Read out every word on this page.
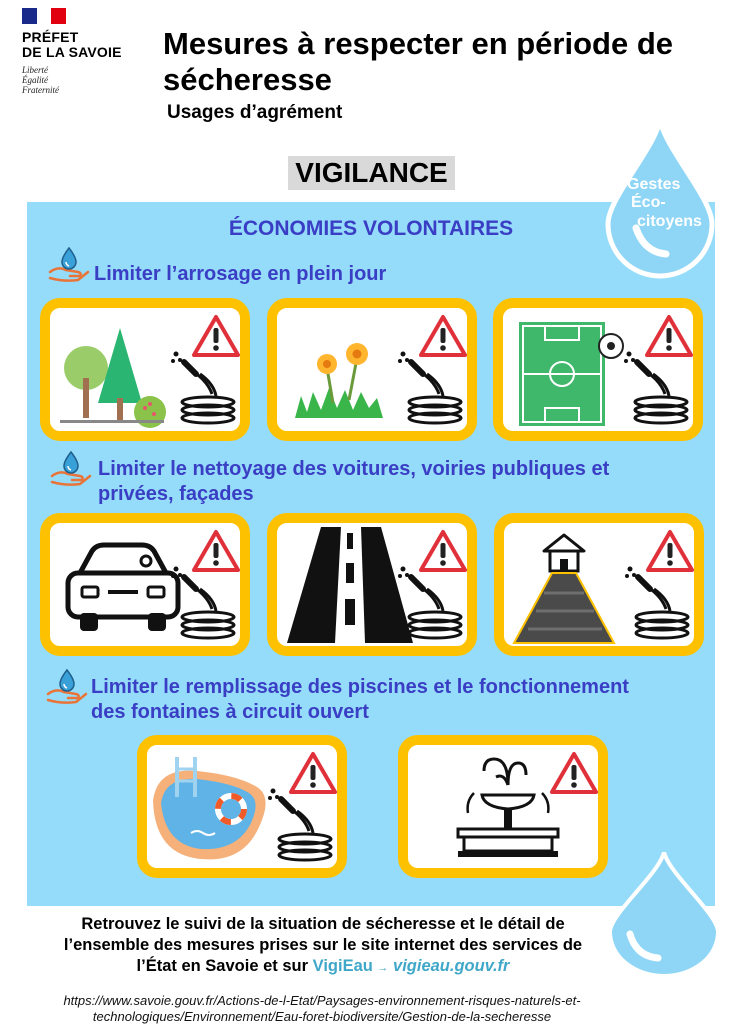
PRÉFET
DE LA SAVOIE
Liberté
Égalité
Fraternité
Mesures à respecter en période de sécheresse
Usages d’agrément
VIGILANCE	Gestes
Éco-
citoyens
ÉCONOMIES VOLONTAIRES
Limiter l’arrosage en plein jour
Limiter le nettoyage des voitures, voiries publiques et
privées, façades
Limiter le remplissage des piscines et le fonctionnement
des fontaines à circuit ouvert
Retrouvez le suivi de la situation de sécheresse et le détail de
l’ensemble des mesures prises sur le site internet des services de
l’État en Savoie et sur VigiEau → vigieau.gouv.fr
https://www.savoie.gouv.fr/Actions-de-l-Etat/Paysages-environnement-risques-naturels-et-
technologiques/Environnement/Eau-foret-biodiversite/Gestion-de-la-secheresse
